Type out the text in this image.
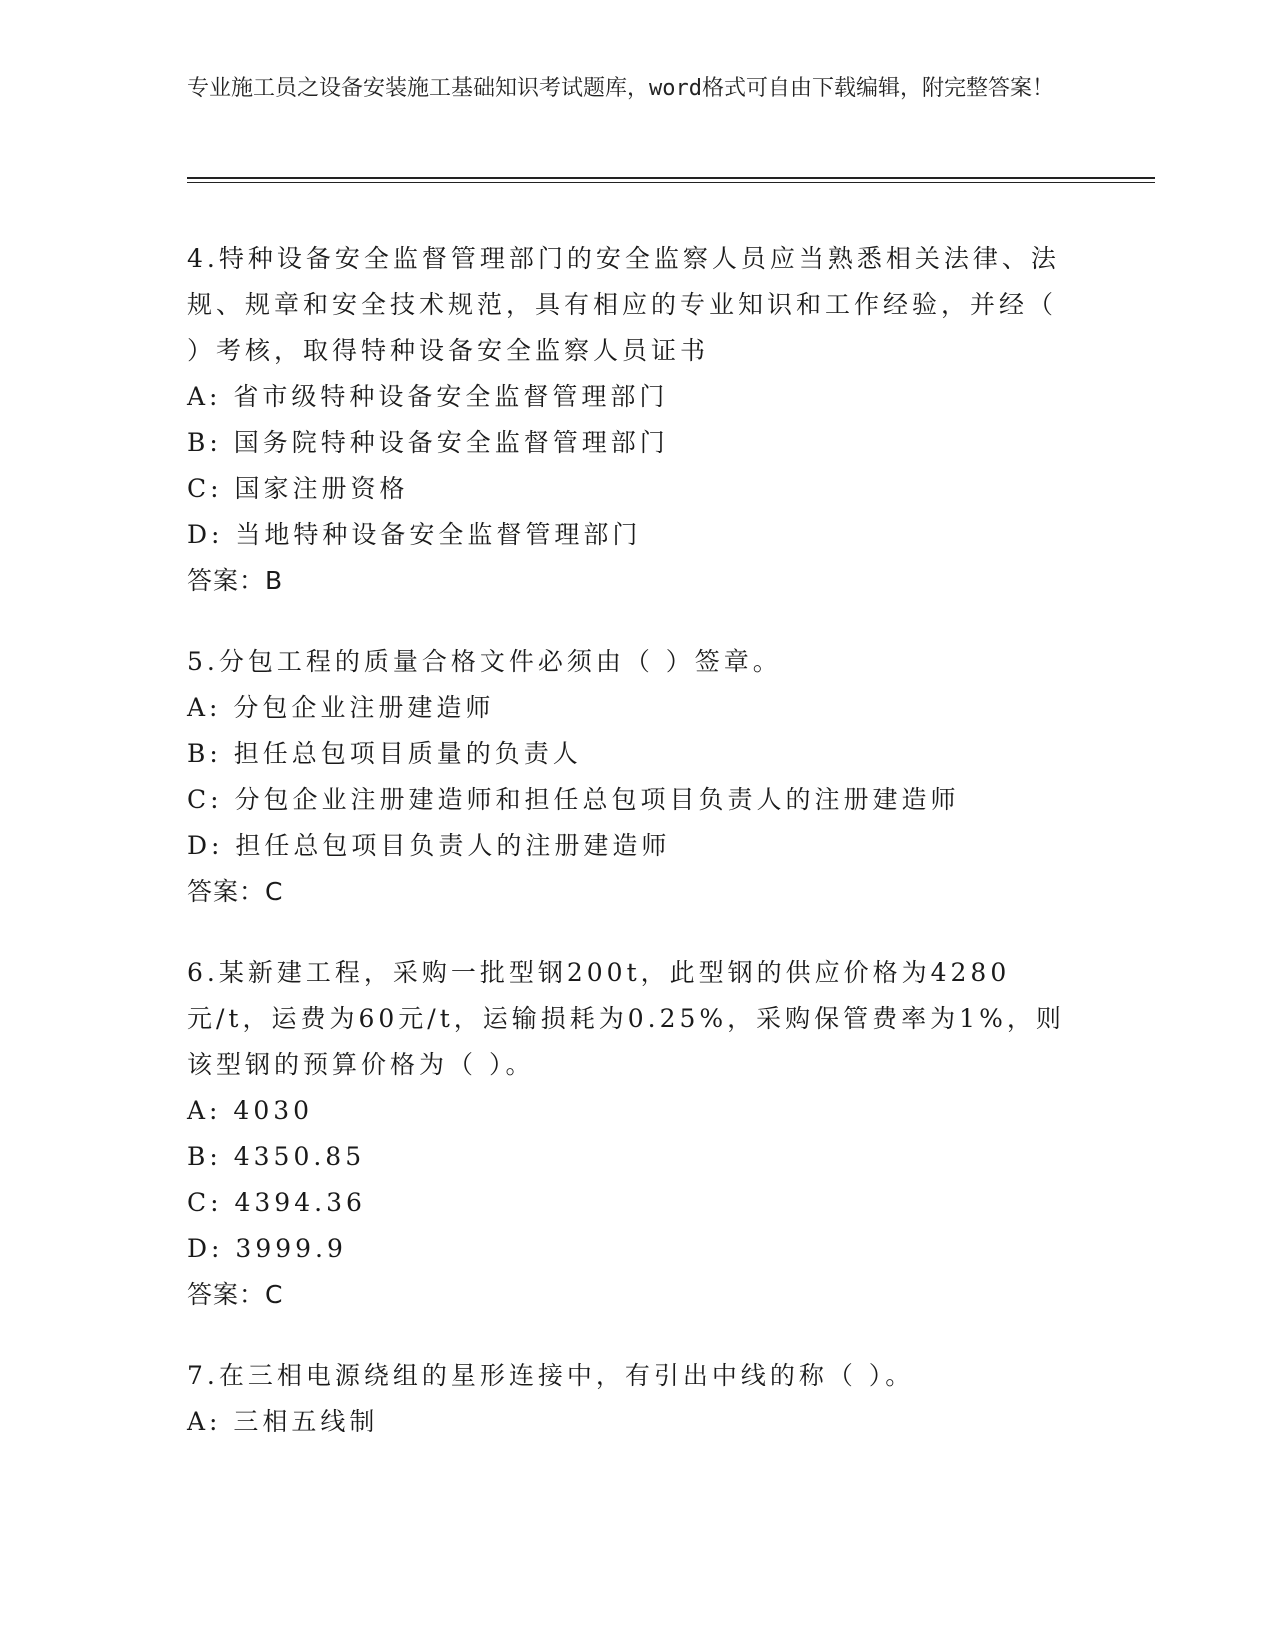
专业施工员之设备安装施工基础知识考试题库，word格式可自由下载编辑，附完整答案！

4.特种设备安全监督管理部门的安全监察人员应当熟悉相关法律、法规、规章和安全技术规范，具有相应的专业知识和工作经验，并经（ ）考核，取得特种设备安全监察人员证书

A: 省市级特种设备安全监督管理部门

B: 国务院特种设备安全监督管理部门

C: 国家注册资格

D: 当地特种设备安全监督管理部门

答案：B

5.分包工程的质量合格文件必须由（ ）签章。

A: 分包企业注册建造师

B: 担任总包项目质量的负责人

C: 分包企业注册建造师和担任总包项目负责人的注册建造师

D: 担任总包项目负责人的注册建造师

答案：C

6.某新建工程，采购一批型钢200t，此型钢的供应价格为4280元/t，运费为60元/t，运输损耗为0.25%，采购保管费率为1%，则该型钢的预算价格为（ ）。

A: 4030

B: 4350.85

C: 4394.36

D: 3999.9

答案：C

7.在三相电源绕组的星形连接中，有引出中线的称（ ）。

A: 三相五线制
